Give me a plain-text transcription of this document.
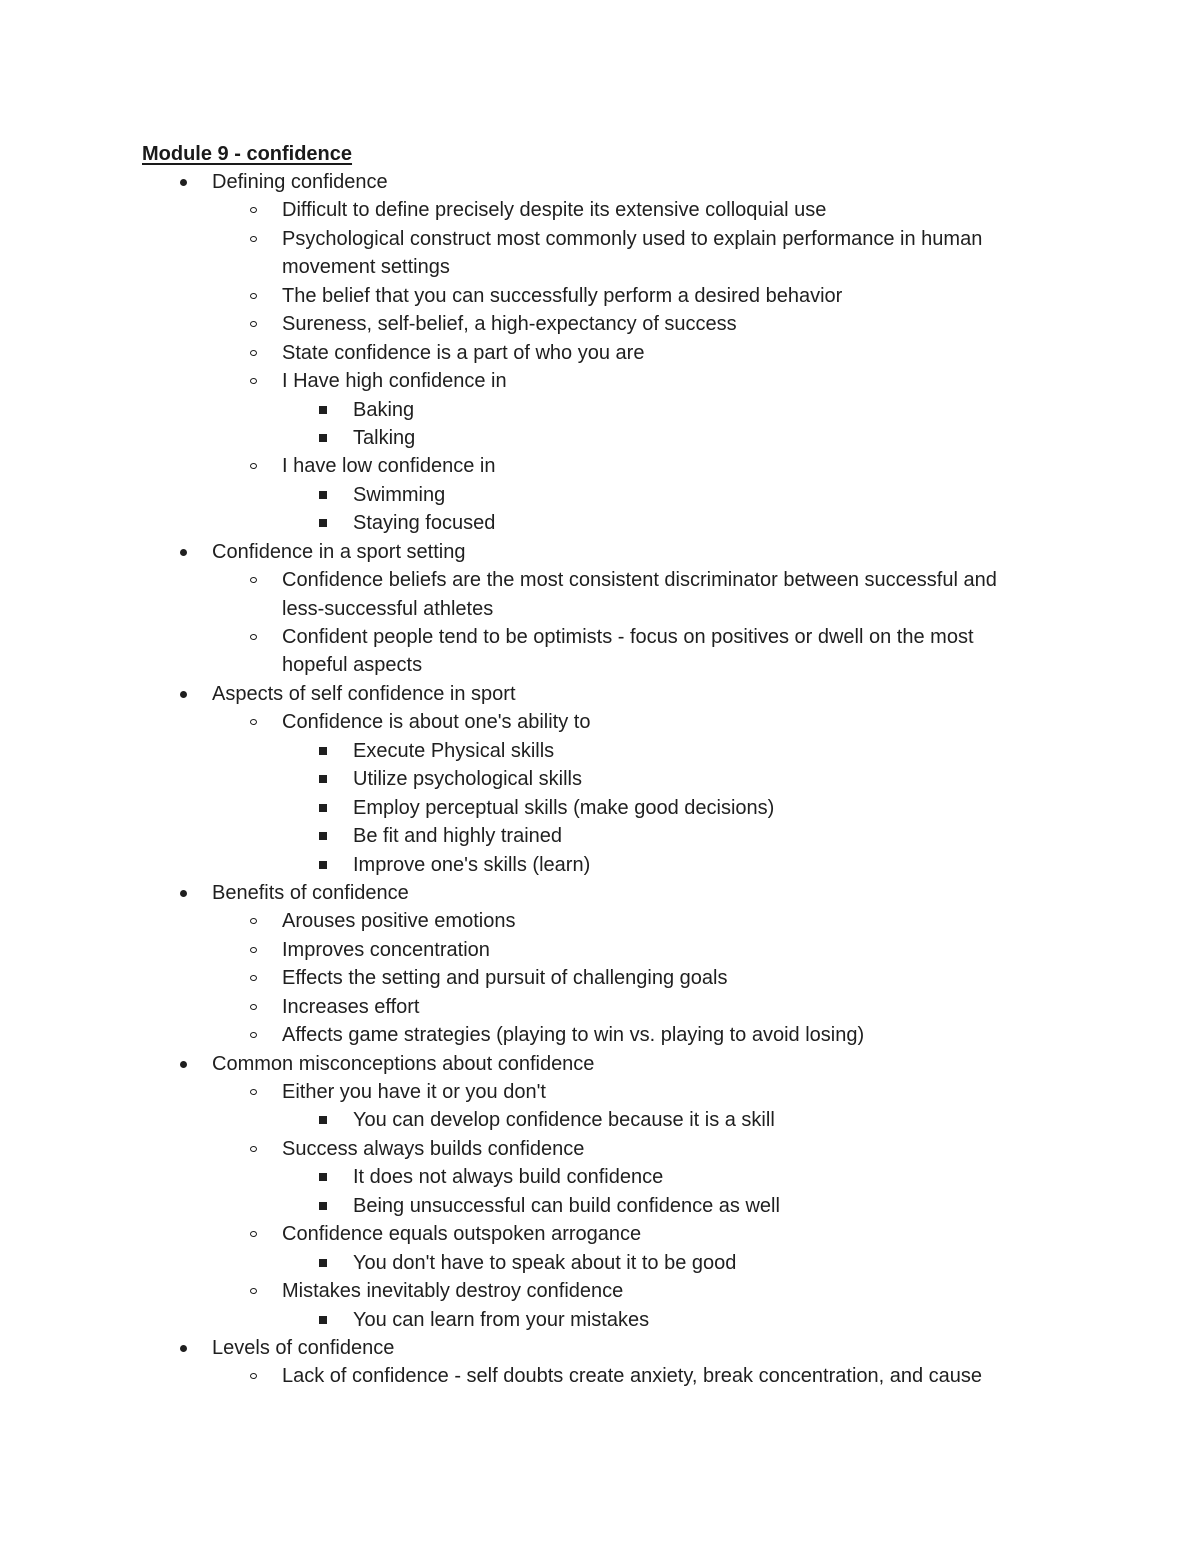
Module 9 - confidence
Defining confidence
Difficult to define precisely despite its extensive colloquial use
Psychological construct most commonly used to explain performance in human
movement settings
The belief that you can successfully perform a desired behavior
Sureness, self-belief, a high-expectancy of success
State confidence is a part of who you are
I Have high confidence in
Baking
Talking
I have low confidence in
Swimming
Staying focused
Confidence in a sport setting
Confidence beliefs are the most consistent discriminator between successful and
less-successful athletes
Confident people tend to be optimists - focus on positives or dwell on the most
hopeful aspects
Aspects of self confidence in sport
Confidence is about one's ability to
Execute Physical skills
Utilize psychological skills
Employ perceptual skills (make good decisions)
Be fit and highly trained
Improve one's skills (learn)
Benefits of confidence
Arouses positive emotions
Improves concentration
Effects the setting and pursuit of challenging goals
Increases effort
Affects game strategies (playing to win vs. playing to avoid losing)
Common misconceptions about confidence
Either you have it or you don't
You can develop confidence because it is a skill
Success always builds confidence
It does not always build confidence
Being unsuccessful can build confidence as well
Confidence equals outspoken arrogance
You don't have to speak about it to be good
Mistakes inevitably destroy confidence
You can learn from your mistakes
Levels of confidence
Lack of confidence - self doubts create anxiety, break concentration, and cause
